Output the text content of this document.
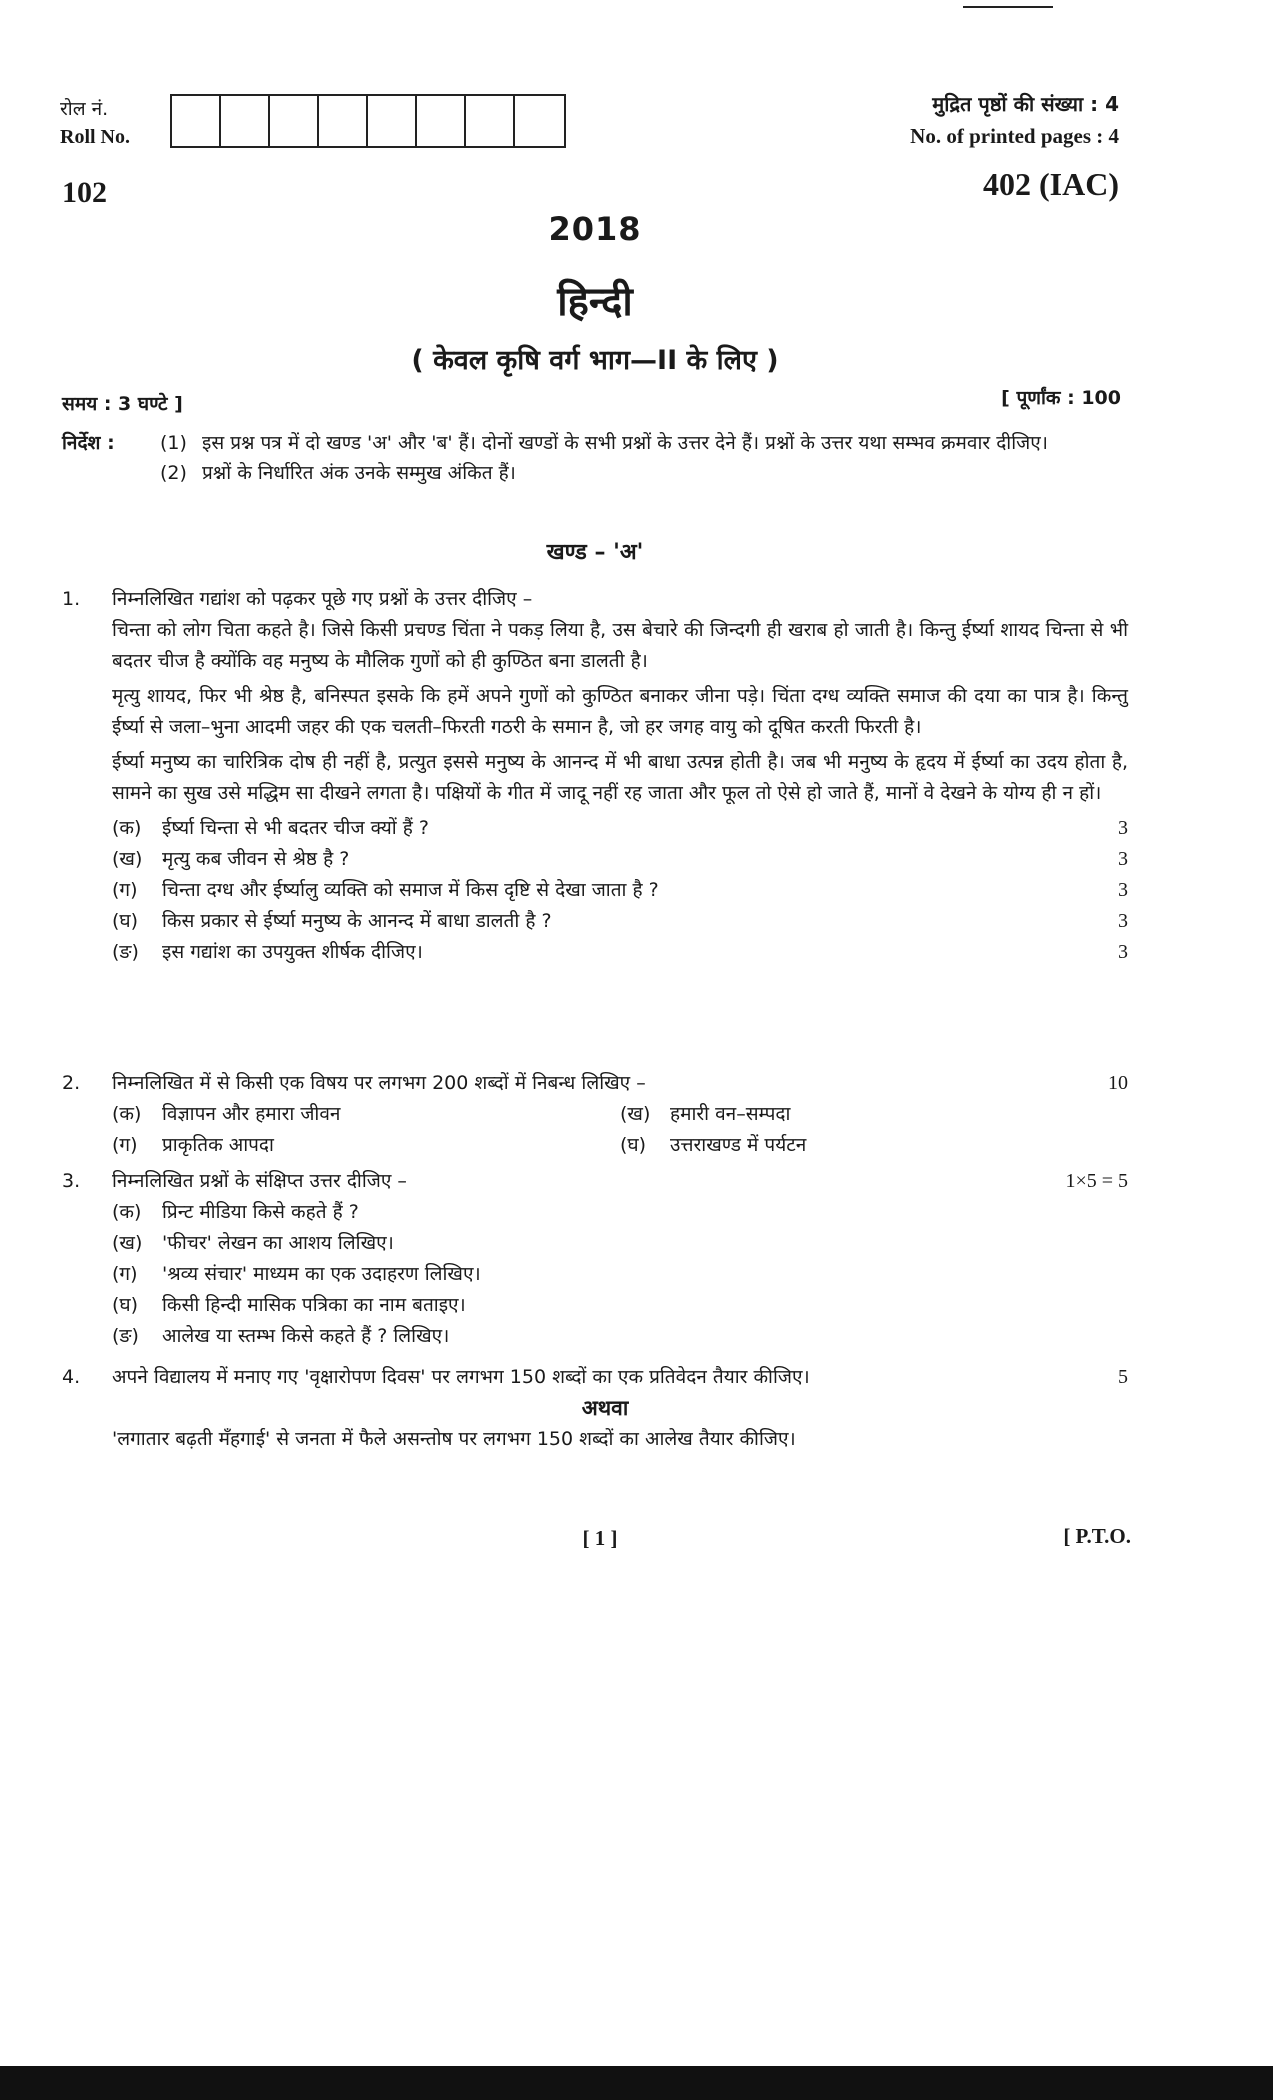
रोल नं.
Roll No.
मुद्रित पृष्ठों की संख्या : 4
No. of printed pages : 4
102	402 (IAC)
2018
हिन्दी
( केवल कृषि वर्ग भाग—II के लिए )
समय : 3 घण्टे ]	[ पूर्णांक : 100
निर्देश :	(1) इस प्रश्न पत्र में दो खण्ड 'अ' और 'ब' हैं। दोनों खण्डों के सभी प्रश्नों के उत्तर देने हैं। प्रश्नों के उत्तर यथा सम्भव क्रमवार दीजिए।
(2) प्रश्नों के निर्धारित अंक उनके सम्मुख अंकित हैं।
खण्ड – 'अ'
1. निम्नलिखित गद्यांश को पढ़कर पूछे गए प्रश्नों के उत्तर दीजिए –

चिन्ता को लोग चिता कहते है। जिसे किसी प्रचण्ड चिंता ने पकड़ लिया है, उस बेचारे की जिन्दगी ही खराब हो जाती है। किन्तु ईर्ष्या शायद चिन्ता से भी बदतर चीज है क्योंकि वह मनुष्य के मौलिक गुणों को ही कुण्ठित बना डालती है।

मृत्यु शायद, फिर भी श्रेष्ठ है, बनिस्पत इसके कि हमें अपने गुणों को कुण्ठित बनाकर जीना पड़े। चिंता दग्ध व्यक्ति समाज की दया का पात्र है। किन्तु ईर्ष्या से जला–भुना आदमी जहर की एक चलती–फिरती गठरी के समान है, जो हर जगह वायु को दूषित करती फिरती है।

ईर्ष्या मनुष्य का चारित्रिक दोष ही नहीं है, प्रत्युत इससे मनुष्य के आनन्द में भी बाधा उत्पन्न होती है। जब भी मनुष्य के हृदय में ईर्ष्या का उदय होता है, सामने का सुख उसे मद्धिम सा दीखने लगता है। पक्षियों के गीत में जादू नहीं रह जाता और फूल तो ऐसे हो जाते हैं, मानों वे देखने के योग्य ही न हों।

(क)	ईर्ष्या चिन्ता से भी बदतर चीज क्यों हैं ?	3
(ख)	मृत्यु कब जीवन से श्रेष्ठ है ?	3
(ग)	चिन्ता दग्ध और ईर्ष्यालु व्यक्ति को समाज में किस दृष्टि से देखा जाता है ?	3
(घ)	किस प्रकार से ईर्ष्या मनुष्य के आनन्द में बाधा डालती है ?	3
(ङ)	इस गद्यांश का उपयुक्त शीर्षक दीजिए।	3
2. निम्नलिखित में से किसी एक विषय पर लगभग 200 शब्दों में निबन्ध लिखिए –	10
(क)	विज्ञापन और हमारा जीवन	(ख)	हमारी वन–सम्पदा
(ग)	प्राकृतिक आपदा	(घ)	उत्तराखण्ड में पर्यटन
3. निम्नलिखित प्रश्नों के संक्षिप्त उत्तर दीजिए –	1×5 = 5
(क)	प्रिन्ट मीडिया किसे कहते हैं ?
(ख)	'फीचर' लेखन का आशय लिखिए।
(ग)	'श्रव्य संचार' माध्यम का एक उदाहरण लिखिए।
(घ)	किसी हिन्दी मासिक पत्रिका का नाम बताइए।
(ङ)	आलेख या स्तम्भ किसे कहते हैं ? लिखिए।
4. अपने विद्यालय में मनाए गए 'वृक्षारोपण दिवस' पर लगभग 150 शब्दों का एक प्रतिवेदन तैयार कीजिए।	5
अथवा
'लगातार बढ़ती मँहगाई' से जनता में फैले असन्तोष पर लगभग 150 शब्दों का आलेख तैयार कीजिए।
[ 1 ]	[ P.T.O.
